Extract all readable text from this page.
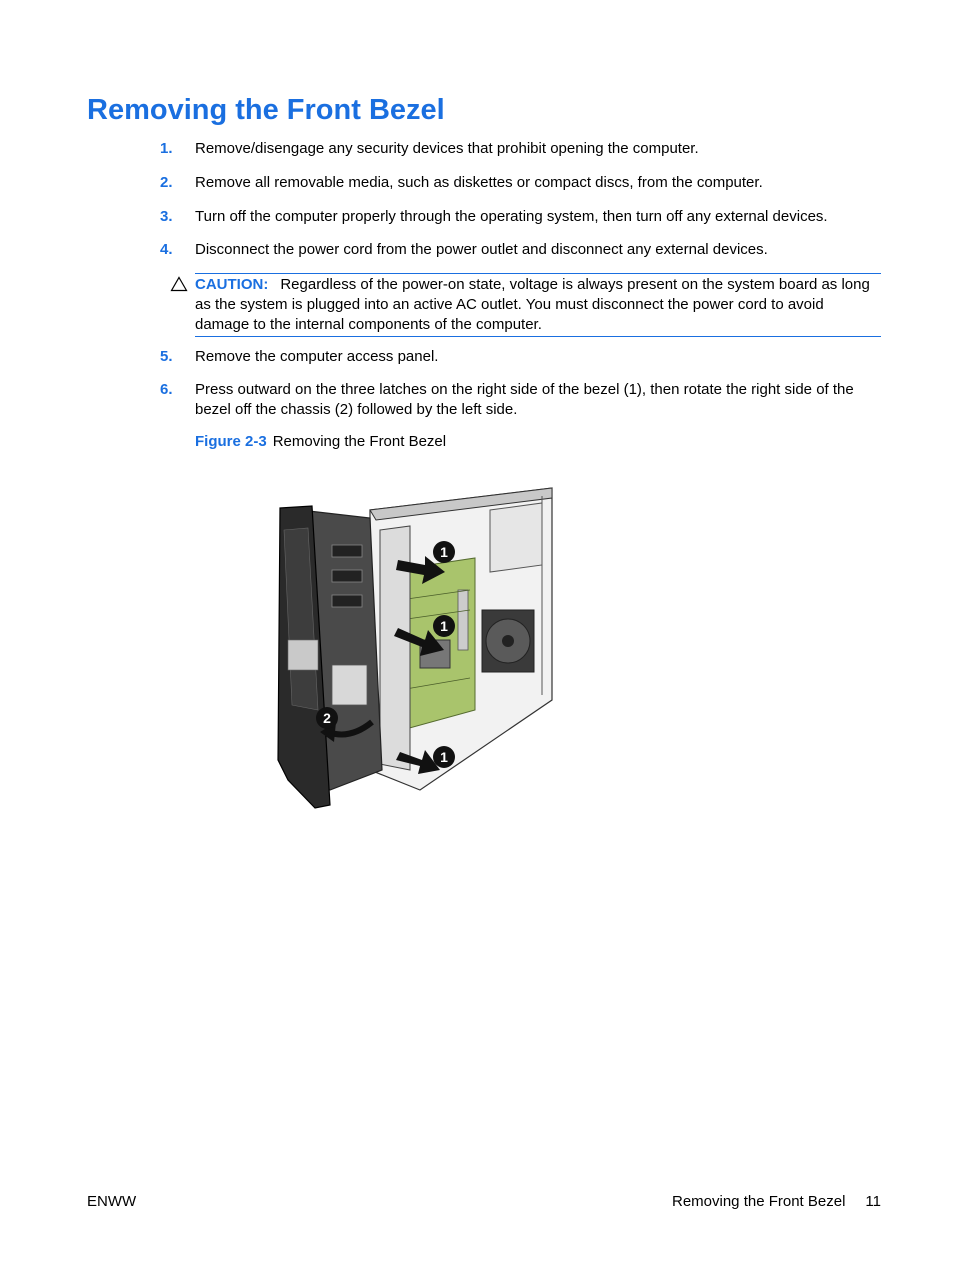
Removing the Front Bezel
1. Remove/disengage any security devices that prohibit opening the computer.
2. Remove all removable media, such as diskettes or compact discs, from the computer.
3. Turn off the computer properly through the operating system, then turn off any external devices.
4. Disconnect the power cord from the power outlet and disconnect any external devices.
CAUTION: Regardless of the power-on state, voltage is always present on the system board as long as the system is plugged into an active AC outlet. You must disconnect the power cord to avoid damage to the internal components of the computer.
5. Remove the computer access panel.
6. Press outward on the three latches on the right side of the bezel (1), then rotate the right side of the bezel off the chassis (2) followed by the left side.
Figure 2-3 Removing the Front Bezel
1
1
1
2
ENWW	Removing the Front Bezel 11
